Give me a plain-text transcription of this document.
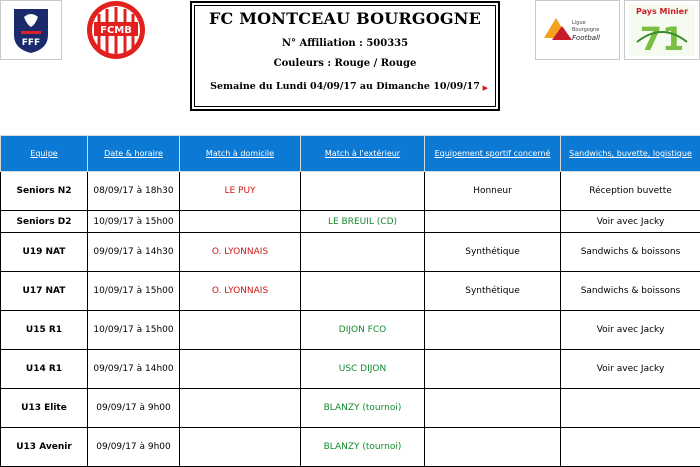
FFF
FCMB
Ligue
Bourgogne
Football
Pays Minier
71
FC MONTCEAU BOURGOGNE
N° Affiliation : 500335
Couleurs : Rouge / Rouge
Semaine du Lundi 04/09/17 au Dimanche 10/09/17 ▶
Equipe	Date & horaire	Match à domicile	Match à l'extérieur	Equipement sportif concerné	Sandwichs, buvette, logistique
Seniors N2	08/09/17 à 18h30	LE PUY		Honneur	Réception buvette
Seniors D2	10/09/17 à 15h00		LE BREUIL (CD)		Voir avec Jacky
U19 NAT	09/09/17 à 14h30	O. LYONNAIS		Synthétique	Sandwichs & boissons
U17 NAT	10/09/17 à 15h00	O. LYONNAIS		Synthétique	Sandwichs & boissons
U15 R1	10/09/17 à 15h00		DIJON FCO		Voir avec Jacky
U14 R1	09/09/17 à 14h00		USC DIJON		Voir avec Jacky
U13 Elite	09/09/17 à 9h00		BLANZY (tournoi)		
U13 Avenir	09/09/17 à 9h00		BLANZY (tournoi)		
